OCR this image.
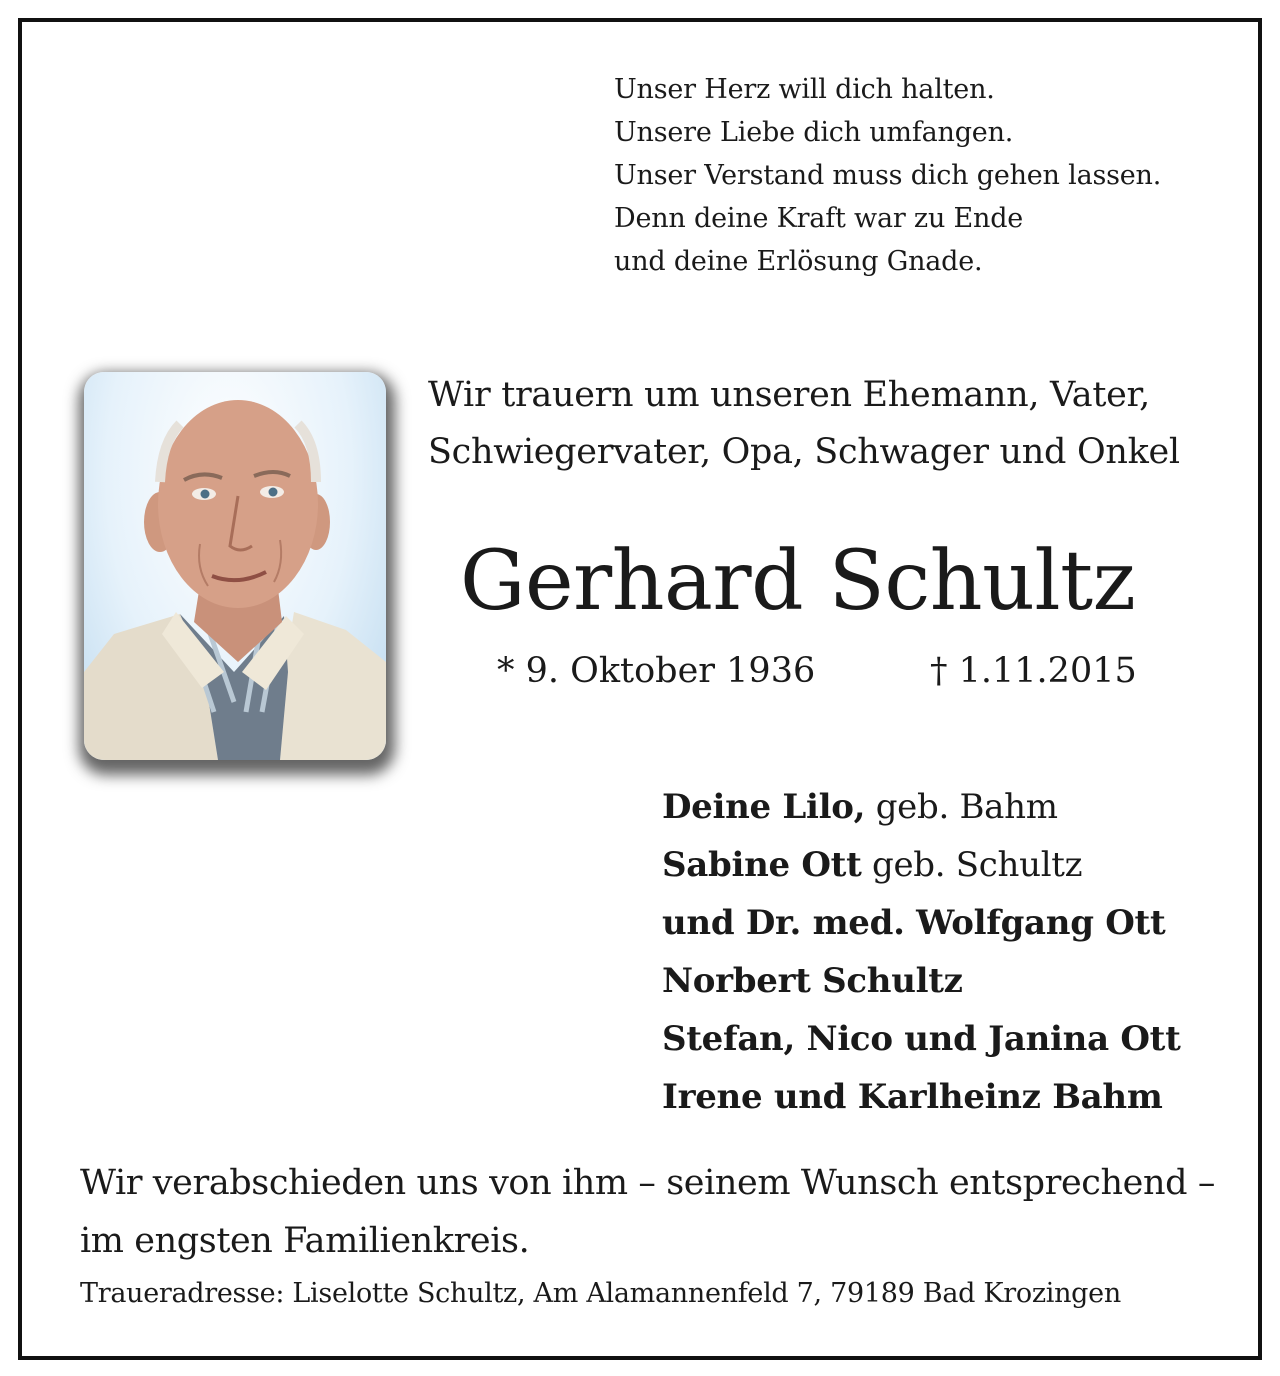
Unser Herz will dich halten.
Unsere Liebe dich umfangen.
Unser Verstand muss dich gehen lassen.
Denn deine Kraft war zu Ende
und deine Erlösung Gnade.
Wir trauern um unseren Ehemann, Vater,
Schwiegervater, Opa, Schwager und Onkel
Gerhard Schultz
* 9. Oktober 1936	† 1.11.2015
Deine Lilo, geb. Bahm
Sabine Ott geb. Schultz
und Dr. med. Wolfgang Ott
Norbert Schultz
Stefan, Nico und Janina Ott
Irene und Karlheinz Bahm
Wir verabschieden uns von ihm – seinem Wunsch entsprechend –
im engsten Familienkreis.
Traueradresse: Liselotte Schultz, Am Alamannenfeld 7, 79189 Bad Krozingen
